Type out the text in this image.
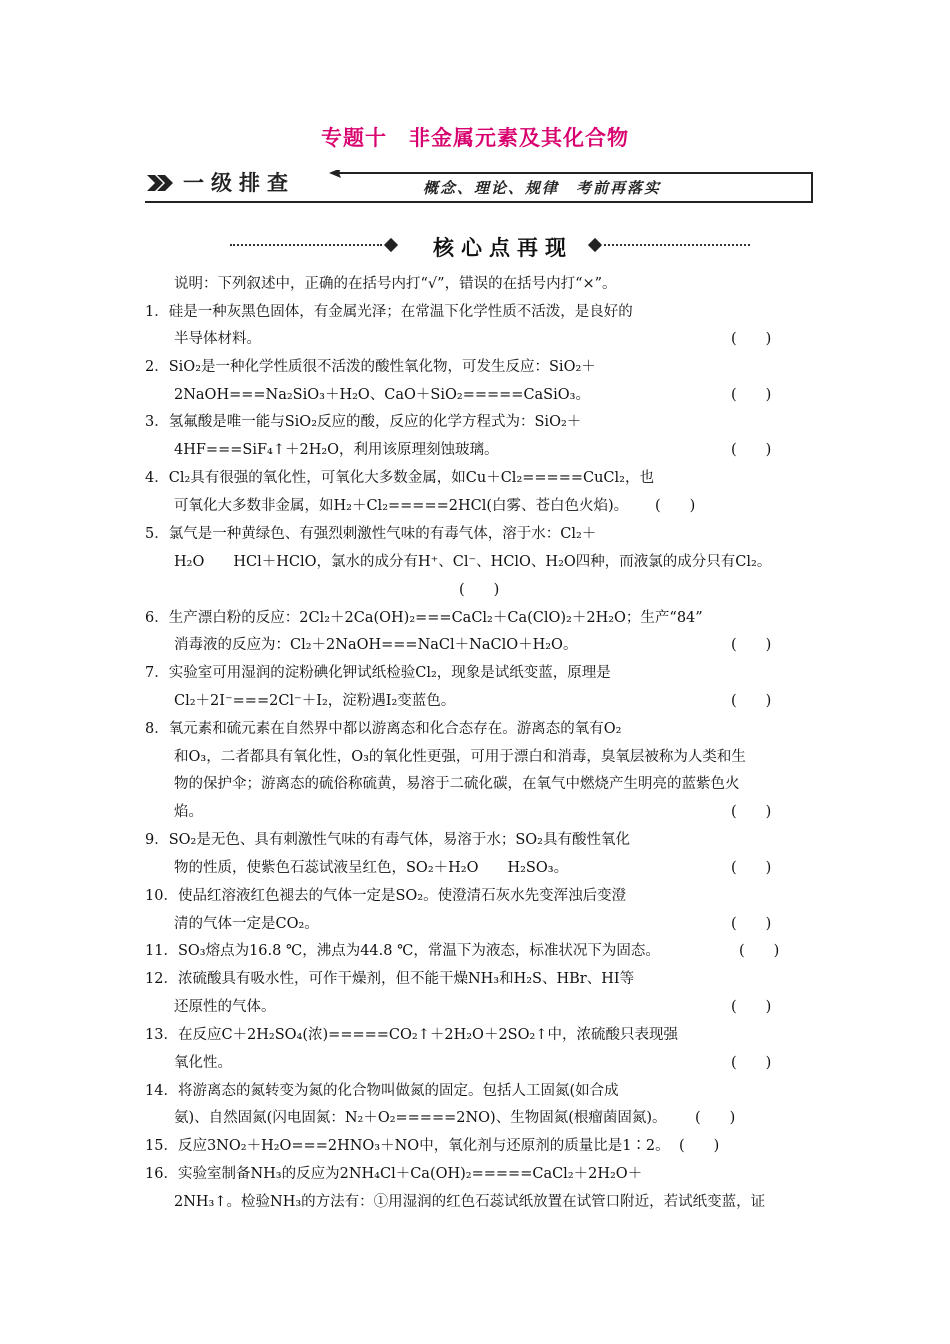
专题十　非金属元素及其化合物
一级排查	概念、理论、规律　考前再落实
核心点再现
说明：下列叙述中，正确的在括号内打“√”，错误的在括号内打“×”。
1．硅是一种灰黑色固体，有金属光泽；在常温下化学性质不活泼，是良好的
半导体材料。	(　　)
2．SiO₂是一种化学性质很不活泼的酸性氧化物，可发生反应：SiO₂＋
2NaOH===Na₂SiO₃＋H₂O、CaO＋SiO₂=====CaSiO₃。	(　　)
3．氢氟酸是唯一能与SiO₂反应的酸，反应的化学方程式为：SiO₂＋
4HF===SiF₄↑＋2H₂O，利用该原理刻蚀玻璃。	(　　)
4．Cl₂具有很强的氧化性，可氧化大多数金属，如Cu＋Cl₂=====CuCl₂，也
可氧化大多数非金属，如H₂＋Cl₂=====2HCl(白雾、苍白色火焰)。 (　　)
5．氯气是一种黄绿色、有强烈刺激性气味的有毒气体，溶于水：Cl₂＋
H₂O　　HCl＋HClO，氯水的成分有H⁺、Cl⁻、HClO、H₂O四种，而液氯的成分只有Cl₂。
(　　)
6．生产漂白粉的反应：2Cl₂＋2Ca(OH)₂===CaCl₂＋Ca(ClO)₂＋2H₂O；生产“84”
消毒液的反应为：Cl₂＋2NaOH===NaCl＋NaClO＋H₂O。	(　　)
7．实验室可用湿润的淀粉碘化钾试纸检验Cl₂，现象是试纸变蓝，原理是
Cl₂＋2I⁻===2Cl⁻＋I₂，淀粉遇I₂变蓝色。	(　　)
8．氧元素和硫元素在自然界中都以游离态和化合态存在。游离态的氧有O₂
和O₃，二者都具有氧化性，O₃的氧化性更强，可用于漂白和消毒，臭氧层被称为人类和生
物的保护伞；游离态的硫俗称硫黄，易溶于二硫化碳，在氧气中燃烧产生明亮的蓝紫色火
焰。	(　　)
9．SO₂是无色、具有刺激性气味的有毒气体，易溶于水；SO₂具有酸性氧化
物的性质，使紫色石蕊试液呈红色，SO₂＋H₂O　　H₂SO₃。	(　　)
10．使品红溶液红色褪去的气体一定是SO₂。使澄清石灰水先变浑浊后变澄
清的气体一定是CO₂。	(　　)
11．SO₃熔点为16.8 ℃，沸点为44.8 ℃，常温下为液态，标准状况下为固态。	(　　)
12．浓硫酸具有吸水性，可作干燥剂，但不能干燥NH₃和H₂S、HBr、HI等
还原性的气体。	(　　)
13．在反应C＋2H₂SO₄(浓)=====CO₂↑＋2H₂O＋2SO₂↑中，浓硫酸只表现强
氧化性。	(　　)
14．将游离态的氮转变为氮的化合物叫做氮的固定。包括人工固氮(如合成
氨)、自然固氮(闪电固氮：N₂＋O₂=====2NO)、生物固氮(根瘤菌固氮)。 (　　)
15．反应3NO₂＋H₂O===2HNO₃＋NO中，氧化剂与还原剂的质量比是1∶2。 (　　)
16．实验室制备NH₃的反应为2NH₄Cl＋Ca(OH)₂=====CaCl₂＋2H₂O＋
2NH₃↑。检验NH₃的方法有：①用湿润的红色石蕊试纸放置在试管口附近，若试纸变蓝，证
